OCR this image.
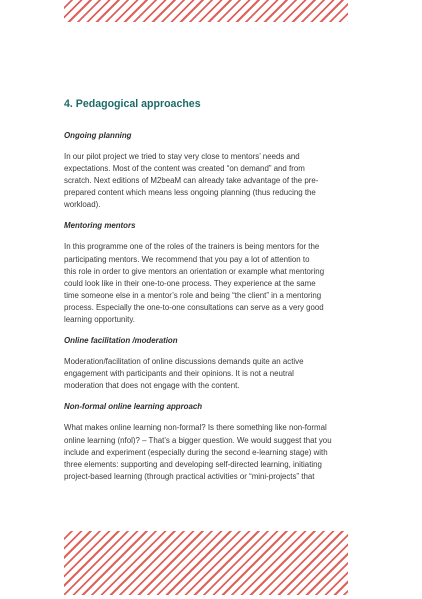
4. Pedagogical approaches
Ongoing planning
In our pilot project we tried to stay very close to mentors’ needs and
expectations. Most of the content was created “on demand” and from
scratch. Next editions of M2beaM can already take advantage of the pre-
prepared content which means less ongoing planning (thus reducing the
workload).
Mentoring mentors
In this programme one of the roles of the trainers is being mentors for the
participating mentors. We recommend that you pay a lot of attention to
this role in order to give mentors an orientation or example what mentoring
could look like in their one-to-one process. They experience at the same
time someone else in a mentor’s role and being “the client” in a mentoring
process. Especially the one-to-one consultations can serve as a very good
learning opportunity.
Online facilitation /moderation
Moderation/facilitation of online discussions demands quite an active
engagement with participants and their opinions. It is not a neutral
moderation that does not engage with the content.
Non-formal online learning approach
What makes online learning non-formal? Is there something like non-formal
online learning (nfol)? – That’s a bigger question. We would suggest that you
include and experiment (especially during the second e-learning stage) with
three elements: supporting and developing self-directed learning, initiating
project-based learning (through practical activities or “mini-projects” that
